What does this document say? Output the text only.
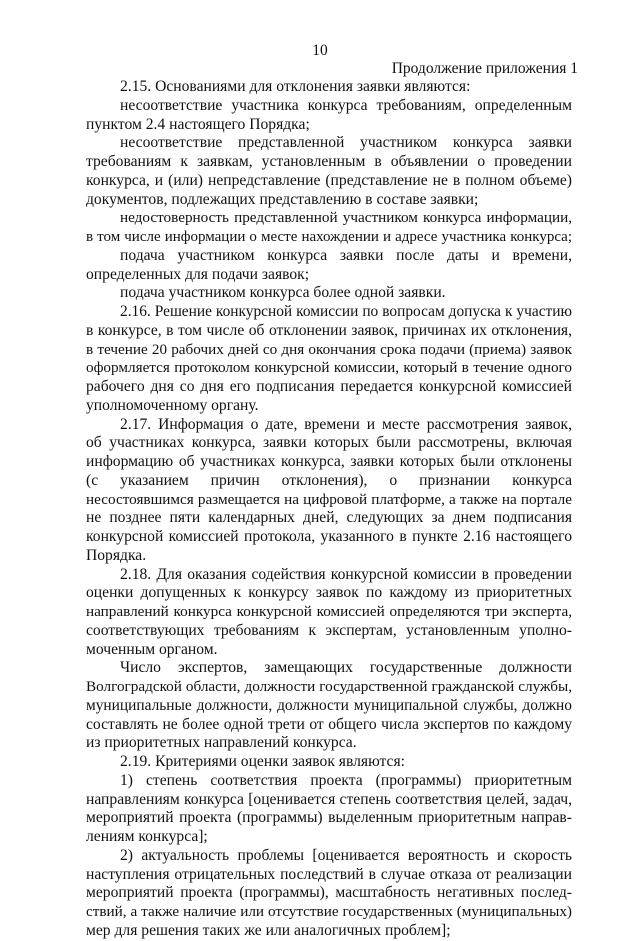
10
Продолжение приложения 1
2.15. Основаниями для отклонения заявки являются:
несоответствие участника конкурса требованиям, определенным
пунктом 2.4 настоящего Порядка;
несоответствие представленной участником конкурса заявки
требованиям к заявкам, установленным в объявлении о проведении
конкурса, и (или) непредставление (представление не в полном объеме)
документов, подлежащих представлению в составе заявки;
недостоверность представленной участником конкурса информации,
в том числе информации о месте нахождении и адресе участника конкурса;
подача участником конкурса заявки после даты и времени,
определенных для подачи заявок;
подача участником конкурса более одной заявки.
2.16. Решение конкурсной комиссии по вопросам допуска к участию
в конкурсе, в том числе об отклонении заявок, причинах их отклонения,
в течение 20 рабочих дней со дня окончания срока подачи (приема) заявок
оформляется протоколом конкурсной комиссии, который в течение одного
рабочего дня со дня его подписания передается конкурсной комиссией
уполномоченному органу.
2.17. Информация о дате, времени и месте рассмотрения заявок,
об участниках конкурса, заявки которых были рассмотрены, включая
информацию об участниках конкурса, заявки которых были отклонены
(с указанием причин отклонения), о признании конкурса
несостоявшимся размещается на цифровой платформе, а также на портале
не позднее пяти календарных дней, следующих за днем подписания
конкурсной комиссией протокола, указанного в пункте 2.16 настоящего
Порядка.
2.18. Для оказания содействия конкурсной комиссии в проведении
оценки допущенных к конкурсу заявок по каждому из приоритетных
направлений конкурса конкурсной комиссией определяются три эксперта,
соответствующих требованиям к экспертам, установленным уполно-
моченным органом.
Число экспертов, замещающих государственные должности
Волгоградской области, должности государственной гражданской службы,
муниципальные должности, должности муниципальной службы, должно
составлять не более одной трети от общего числа экспертов по каждому
из приоритетных направлений конкурса.
2.19. Критериями оценки заявок являются:
1) степень соответствия проекта (программы) приоритетным
направлениям конкурса [оценивается степень соответствия целей, задач,
мероприятий проекта (программы) выделенным приоритетным направ-
лениям конкурса];
2) актуальность проблемы [оценивается вероятность и скорость
наступления отрицательных последствий в случае отказа от реализации
мероприятий проекта (программы), масштабность негативных послед-
ствий, а также наличие или отсутствие государственных (муниципальных)
мер для решения таких же или аналогичных проблем];
